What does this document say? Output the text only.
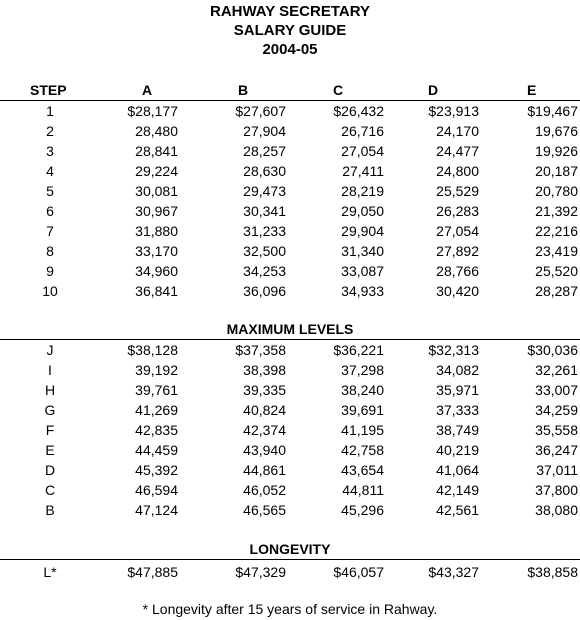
RAHWAY SECRETARY
SALARY GUIDE
2004-05
STEP	A	B	C	D	E
1	$28,177	$27,607	$26,432	$23,913	$19,467
2	28,480	27,904	26,716	24,170	19,676
3	28,841	28,257	27,054	24,477	19,926
4	29,224	28,630	27,411	24,800	20,187
5	30,081	29,473	28,219	25,529	20,780
6	30,967	30,341	29,050	26,283	21,392
7	31,880	31,233	29,904	27,054	22,216
8	33,170	32,500	31,340	27,892	23,419
9	34,960	34,253	33,087	28,766	25,520
10	36,841	36,096	34,933	30,420	28,287
MAXIMUM LEVELS
J	$38,128	$37,358	$36,221	$32,313	$30,036
I	39,192	38,398	37,298	34,082	32,261
H	39,761	39,335	38,240	35,971	33,007
G	41,269	40,824	39,691	37,333	34,259
F	42,835	42,374	41,195	38,749	35,558
E	44,459	43,940	42,758	40,219	36,247
D	45,392	44,861	43,654	41,064	37,011
C	46,594	46,052	44,811	42,149	37,800
B	47,124	46,565	45,296	42,561	38,080
LONGEVITY
L*	$47,885	$47,329	$46,057	$43,327	$38,858
* Longevity after 15 years of service in Rahway.
